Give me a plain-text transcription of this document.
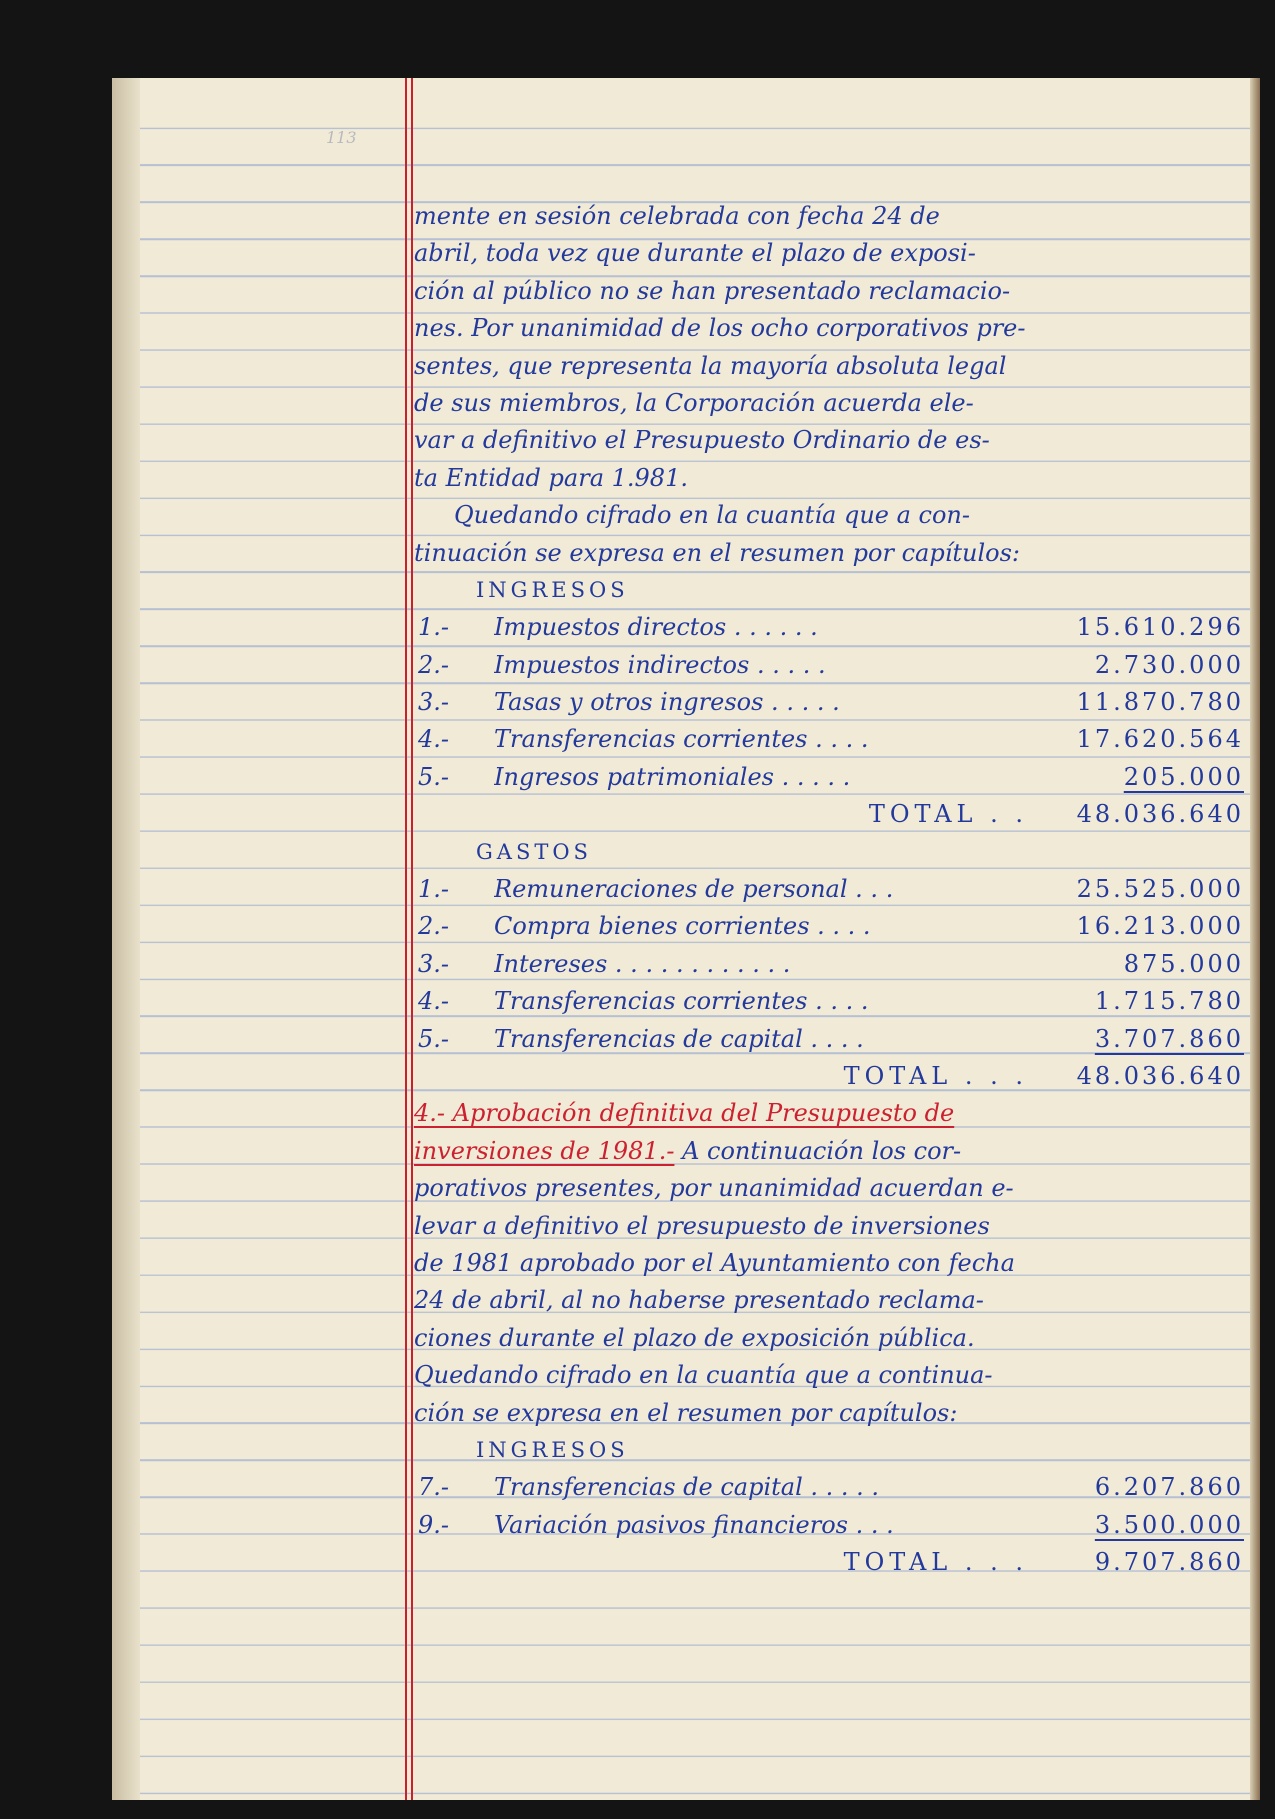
113
mente en sesión celebrada con fecha 24 de
abril, toda vez que durante el plazo de exposi-
ción al público no se han presentado reclamacio-
nes. Por unanimidad de los ocho corporativos pre-
sentes, que representa la mayoría absoluta legal
de sus miembros, la Corporación acuerda ele-
var a definitivo el Presupuesto Ordinario de es-
ta Entidad para 1.981.
Quedando cifrado en la cuantía que a con-
tinuación se expresa en el resumen por capítulos:
INGRESOS
1.-	Impuestos directos . . . . . .	15.610.296
2.-	Impuestos indirectos . . . . .	2.730.000
3.-	Tasas y otros ingresos . . . . .	11.870.780
4.-	Transferencias corrientes . . . .	17.620.564
5.-	Ingresos patrimoniales . . . . .	205.000
TOTAL . .	48.036.640
GASTOS
1.-	Remuneraciones de personal . . .	25.525.000
2.-	Compra bienes corrientes . . . .	16.213.000
3.-	Intereses . . . . . . . . . . . .	875.000
4.-	Transferencias corrientes . . . .	1.715.780
5.-	Transferencias de capital . . . .	3.707.860
TOTAL . . .	48.036.640
4.- Aprobación definitiva del Presupuesto de
inversiones de 1981.- A continuación los cor-
porativos presentes, por unanimidad acuerdan e-
levar a definitivo el presupuesto de inversiones
de 1981 aprobado por el Ayuntamiento con fecha
24 de abril, al no haberse presentado reclama-
ciones durante el plazo de exposición pública.
Quedando cifrado en la cuantía que a continua-
ción se expresa en el resumen por capítulos:
INGRESOS
7.-	Transferencias de capital . . . . .	6.207.860
9.-	Variación pasivos financieros . . .	3.500.000
TOTAL . . .	9.707.860
